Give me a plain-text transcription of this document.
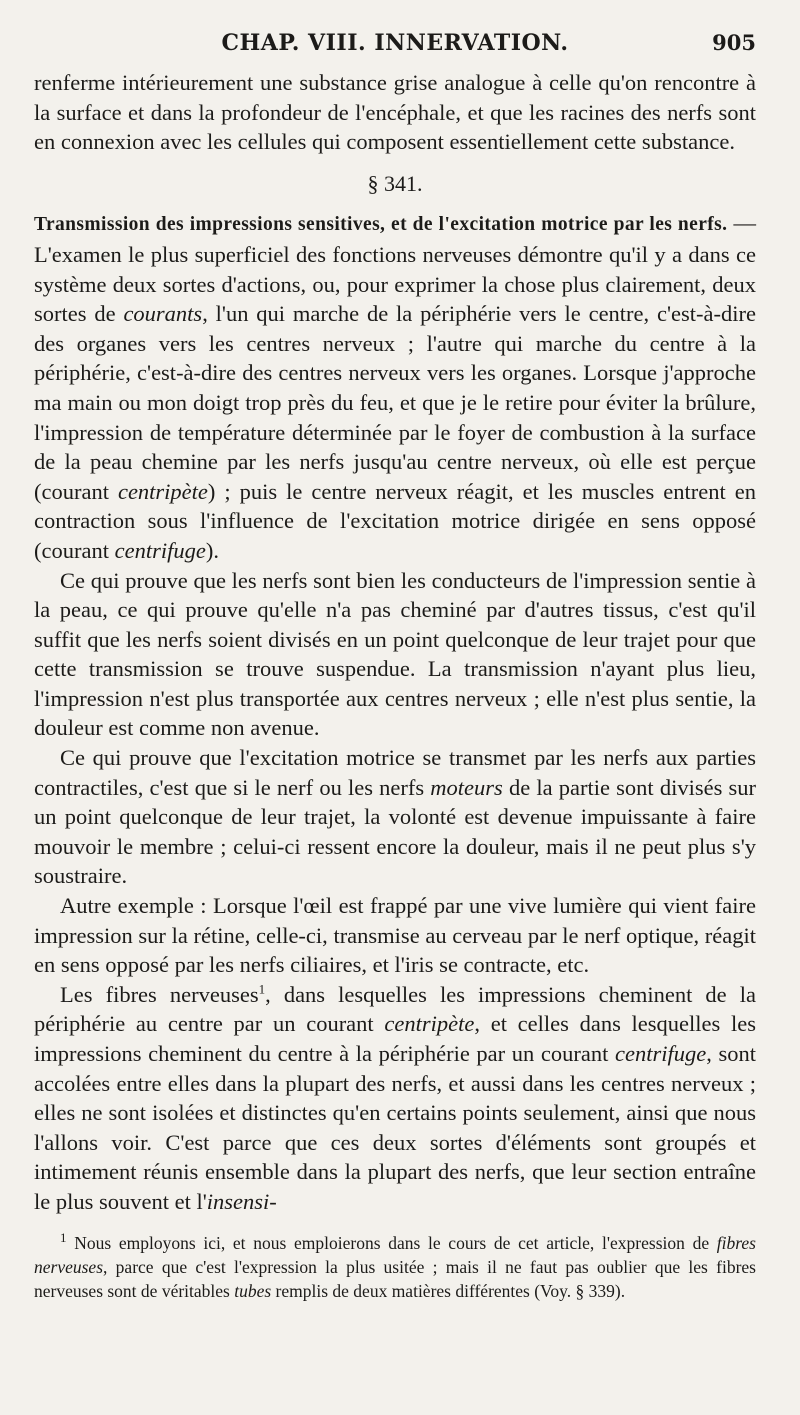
CHAP. VIII. INNERVATION.	905

renferme intérieurement une substance grise analogue à celle qu'on rencontre à la surface et dans la profondeur de l'encéphale, et que les racines des nerfs sont en connexion avec les cellules qui composent essentiellement cette substance.

§ 341.

Transmission des impressions sensitives, et de l'excitation motrice par les nerfs. — L'examen le plus superficiel des fonctions nerveuses démontre qu'il y a dans ce système deux sortes d'actions, ou, pour exprimer la chose plus clairement, deux sortes de courants, l'un qui marche de la périphérie vers le centre, c'est-à-dire des organes vers les centres nerveux ; l'autre qui marche du centre à la périphérie, c'est-à-dire des centres nerveux vers les organes. Lorsque j'approche ma main ou mon doigt trop près du feu, et que je le retire pour éviter la brûlure, l'impression de température déterminée par le foyer de combustion à la surface de la peau chemine par les nerfs jusqu'au centre nerveux, où elle est perçue (courant centripète) ; puis le centre nerveux réagit, et les muscles entrent en contraction sous l'influence de l'excitation motrice dirigée en sens opposé (courant centrifuge).

Ce qui prouve que les nerfs sont bien les conducteurs de l'impression sentie à la peau, ce qui prouve qu'elle n'a pas cheminé par d'autres tissus, c'est qu'il suffit que les nerfs soient divisés en un point quelconque de leur trajet pour que cette transmission se trouve suspendue. La transmission n'ayant plus lieu, l'impression n'est plus transportée aux centres nerveux ; elle n'est plus sentie, la douleur est comme non avenue.

Ce qui prouve que l'excitation motrice se transmet par les nerfs aux parties contractiles, c'est que si le nerf ou les nerfs moteurs de la partie sont divisés sur un point quelconque de leur trajet, la volonté est devenue impuissante à faire mouvoir le membre ; celui-ci ressent encore la douleur, mais il ne peut plus s'y soustraire.

Autre exemple : Lorsque l'œil est frappé par une vive lumière qui vient faire impression sur la rétine, celle-ci, transmise au cerveau par le nerf optique, réagit en sens opposé par les nerfs ciliaires, et l'iris se contracte, etc.

Les fibres nerveuses$^1$, dans lesquelles les impressions cheminent de la périphérie au centre par un courant centripète, et celles dans lesquelles les impressions cheminent du centre à la périphérie par un courant centrifuge, sont accolées entre elles dans la plupart des nerfs, et aussi dans les centres nerveux ; elles ne sont isolées et distinctes qu'en certains points seulement, ainsi que nous l'allons voir. C'est parce que ces deux sortes d'éléments sont groupés et intimement réunis ensemble dans la plupart des nerfs, que leur section entraîne le plus souvent et l'insensi-

$^1$ Nous employons ici, et nous emploierons dans le cours de cet article, l'expression de fibres nerveuses, parce que c'est l'expression la plus usitée ; mais il ne faut pas oublier que les fibres nerveuses sont de véritables tubes remplis de deux matières différentes (Voy. § 339).
